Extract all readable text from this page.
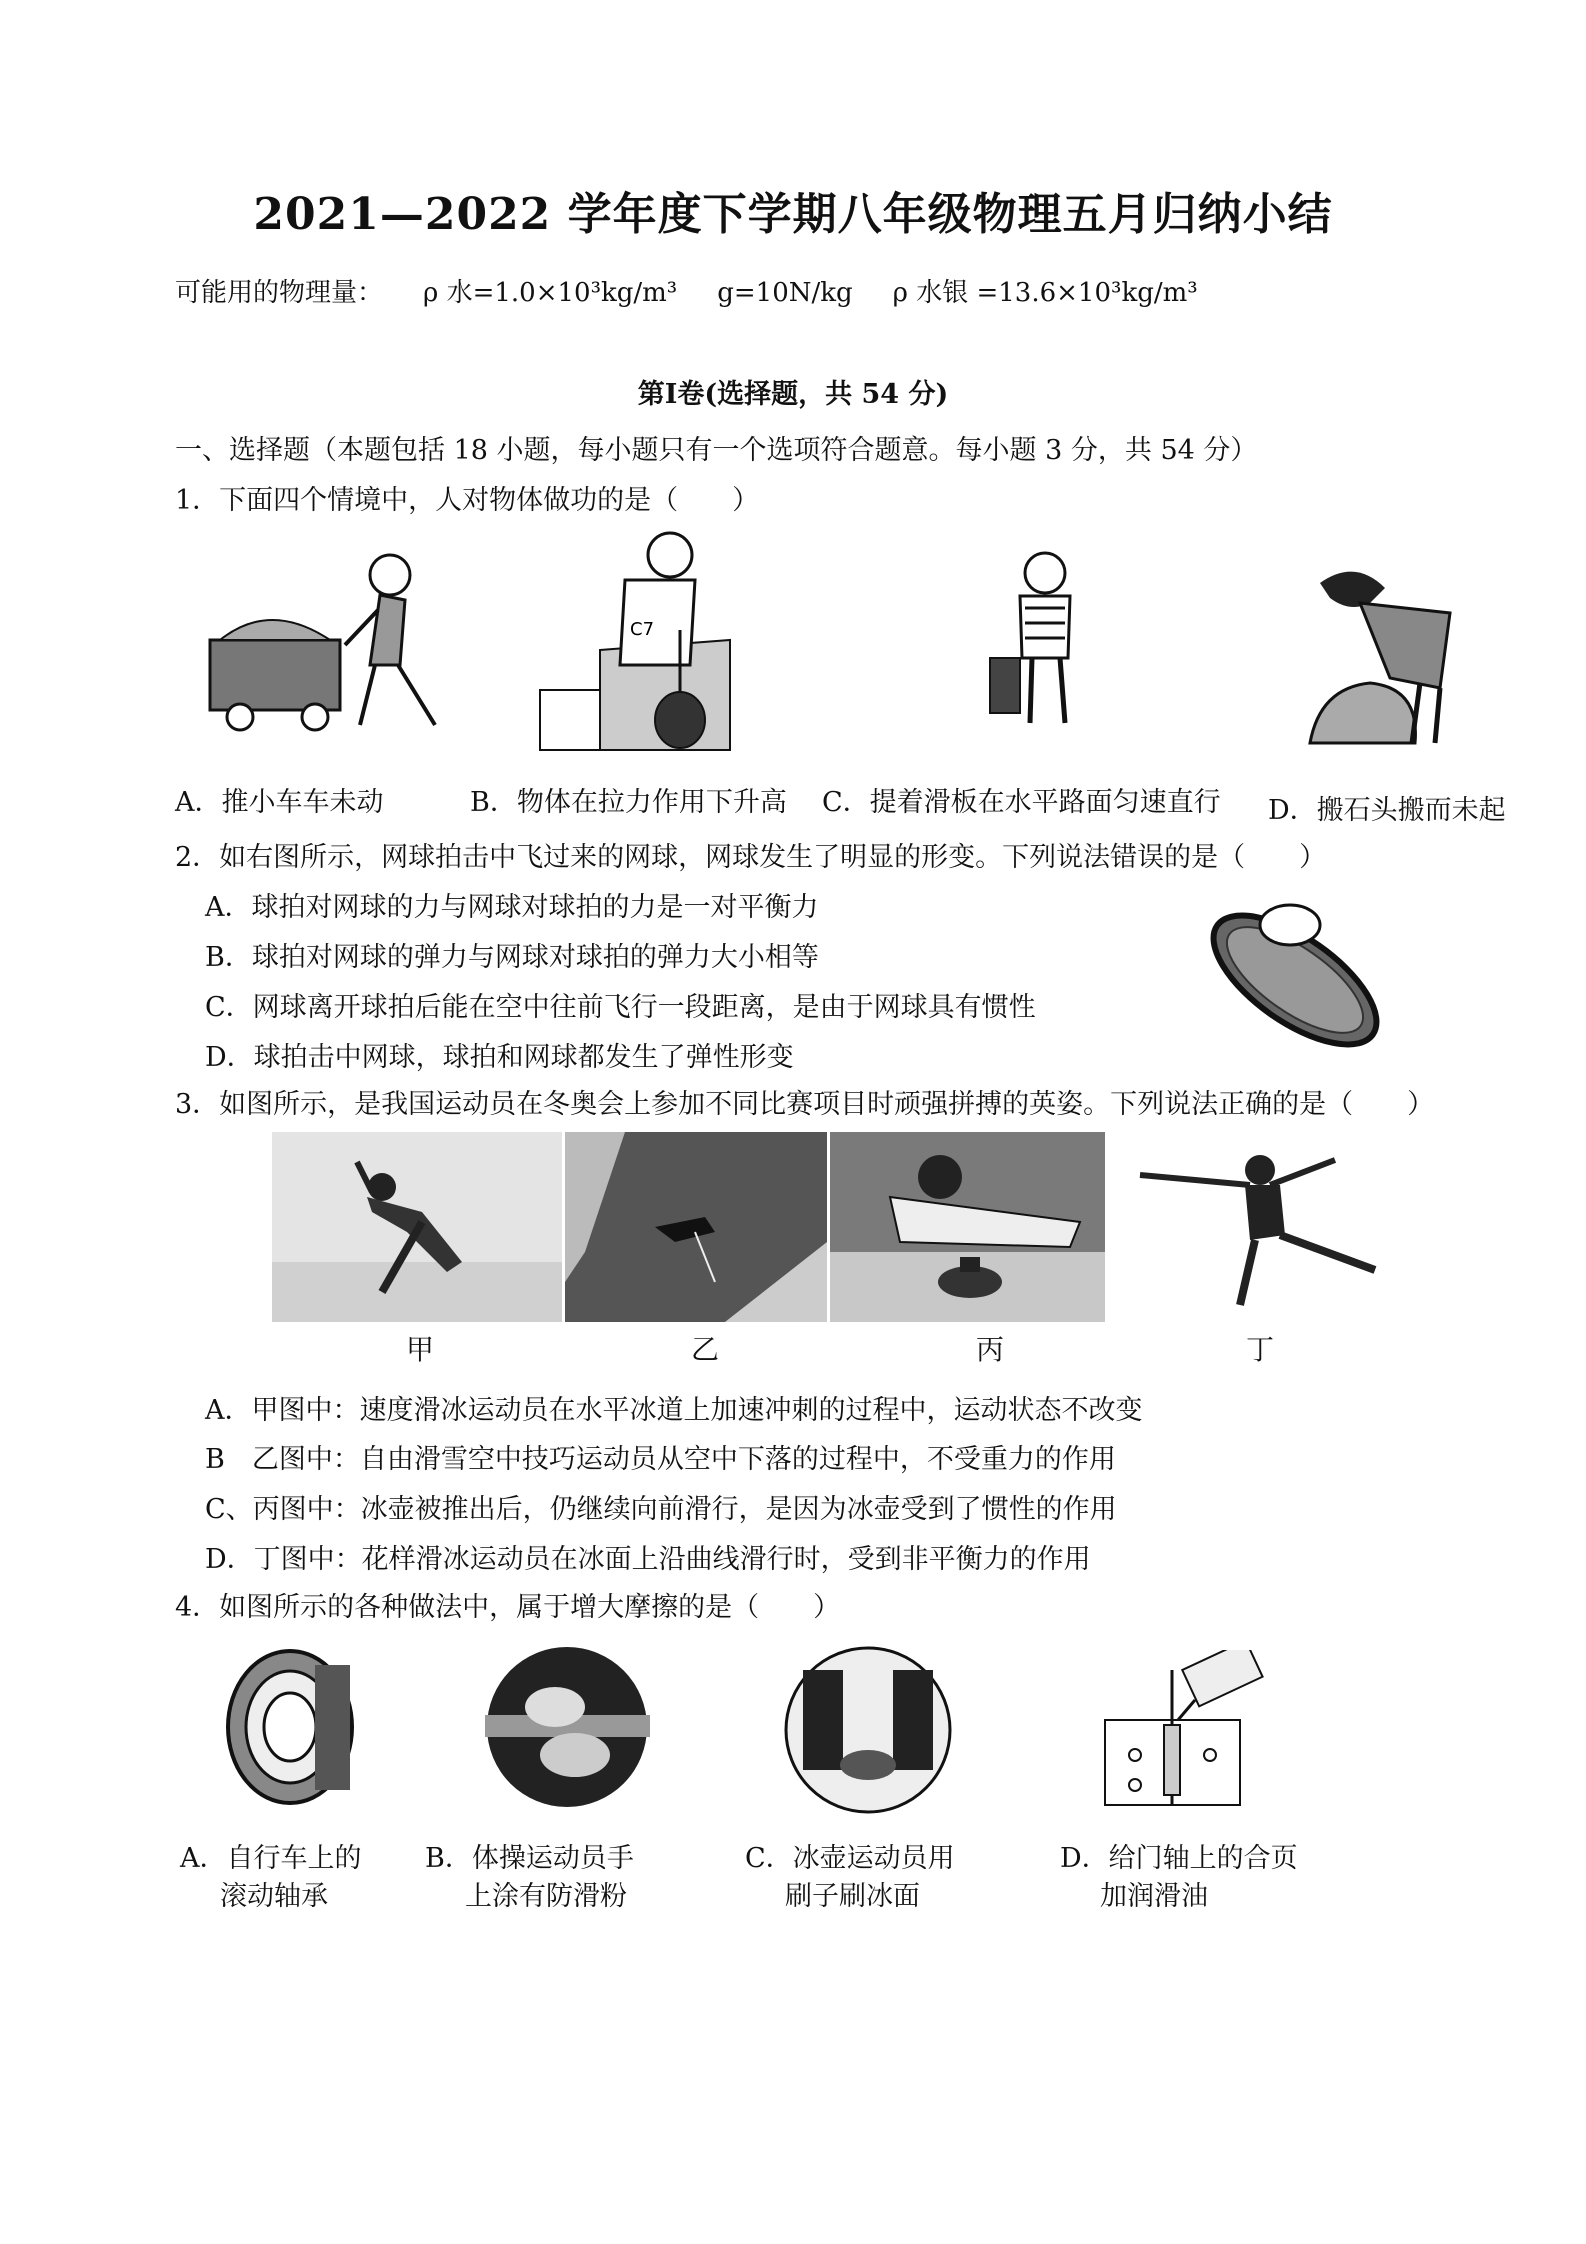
2021—2022 学年度下学期八年级物理五月归纳小结
可能用的物理量： ρ 水=1.0×10³kg/m³ g=10N/kg ρ 水银 =13.6×10³kg/m³
第Ⅰ卷(选择题，共 54 分)
一、选择题（本题包括 18 小题，每小题只有一个选项符合题意。每小题 3 分，共 54 分）
1．下面四个情境中，人对物体做功的是（　　）
C7
A．推小车车未动	B．物体在拉力作用下升高 C．提着滑板在水平路面匀速直行 D．搬石头搬而未起
2．如右图所示，网球拍击中飞过来的网球，网球发生了明显的形变。下列说法错误的是（　　）
A．球拍对网球的力与网球对球拍的力是一对平衡力
B．球拍对网球的弹力与网球对球拍的弹力大小相等
C．网球离开球拍后能在空中往前飞行一段距离，是由于网球具有惯性
D．球拍击中网球，球拍和网球都发生了弹性形变
3．如图所示，是我国运动员在冬奥会上参加不同比赛项目时顽强拼搏的英姿。下列说法正确的是（　　）
甲	乙	丙	丁
A．甲图中：速度滑冰运动员在水平冰道上加速冲刺的过程中，运动状态不改变
B　乙图中：自由滑雪空中技巧运动员从空中下落的过程中，不受重力的作用
C、丙图中：冰壶被推出后，仍继续向前滑行，是因为冰壶受到了惯性的作用
D．丁图中：花样滑冰运动员在冰面上沿曲线滑行时，受到非平衡力的作用
4．如图所示的各种做法中，属于增大摩擦的是（　　）
A．自行车上的
滚动轴承
B．体操运动员手
上涂有防滑粉
C．冰壶运动员用
刷子刷冰面
D．给门轴上的合页
加润滑油
